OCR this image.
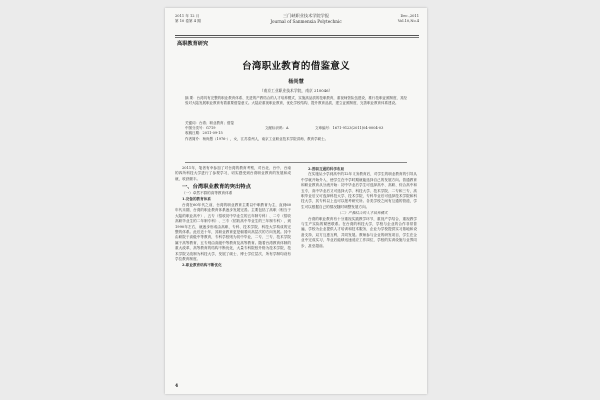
2011 年 12 月
第 10 卷第 4 期
三门峡职业技术学院学报
Journal of Sanmenxia Polytechnic
Dec.,2011
Vol.10,No.4
高职教育研究
台湾职业教育的借鉴意义
杨尚慧
（南京工业职业技术学院，南京 210046）
摘 要：台湾具有完整的职业教育体系、先进的产教结合的人才培养模式，实施高品质的技职教育，重视师资队伍建设，推行技职证照制度，其经验对大陆发展职业教育有着重要借鉴意义。大陆应重视职业教育，优化学校结构，提升教育品质，建立证照制度，完善职业教育体系建设。
关键词：台湾；职业教育；借鉴
中图分类号：G719	文献标识码：A	文章编号：1671-9123(2011)04-0004-03
收稿日期：2011-09-15
作者简介：杨尚慧（1976-），女，江苏泰州人，南京工业职业技术学院讲师，教育学硕士。

2011年，笔者有幸参加了对台湾的教育考察，对台北、台中、台南的四所科技大学进行了参观学习，切实感受到台湾职业教育的发展和成就，收获颇丰。

一、台湾职业教育的突出特点

（一）卓然不群的高等教育体系

1.完备的教育体系

台湾在60年代之前，台湾的职业教育主要以中职教育为主，直到60年代末期，台湾的职业教育体系逐步发展完善。主要包括了高职（相当于大陆的职业高中）、五专（招收初中毕业生的五年制专科）、二专（招收高职毕业生的二年制专科）、三专（招收高中毕业生的三年制专科），到1990年左右，就逐步形成由高职、专科、技术学院、科技大学构成的完整的体系。此后近十年，其职业教育更是朝着向高层次的方向发展。其中由职院于高级中等教育，专科学校则为初中毕业，二专、三专、技术学院属于高等教育，五专则由高级中等教育及高等教育。随着台湾教育体制的重大改革，高等教育的结构不断优化，大量专科院校升格为技术学院，技术学院又改制为科技大学，发展了硕士、博士学位层次，所有学制均设有学位教育制度。

2.职业教育结构不断优化

2.普职互通的科学布局

在实施从小学到高中的12年义务教育后，对学生的职业教育的引导从中学就开始介入，使学生在中学时期就能选择自己的发展方向。普通教育和职业教育从分流开始：初中毕业后学生可选择高中、高职、综合高中和五专，高中毕业后又可选择大学、科技大学、技术学院、二专和三专，高职毕业后又可选择科技大学、技术学院，专科毕业后可选择技术学院和科技大学，其专科以上也可以报考研究所。各类学校之间有互通的管道，学生可以根据自己的情况随时调整发展方向。

（二）产教结合的人才培养模式

台湾的职业教育有十分重视实践教学环节，重视产学结合，重视教学与生产实际的紧密联系。在台湾的科技大学，学校与企业的合作非常普遍，学校为企业提供人才培训和技术服务，企业为学校提供实习基地和设备支持，双方互惠互利，共同发展。教师参与企业的研发项目，学生在企业中完成实习，毕业后能够迅速适应工作岗位，学校的实训设施与业界同步，甚至超前。

4
